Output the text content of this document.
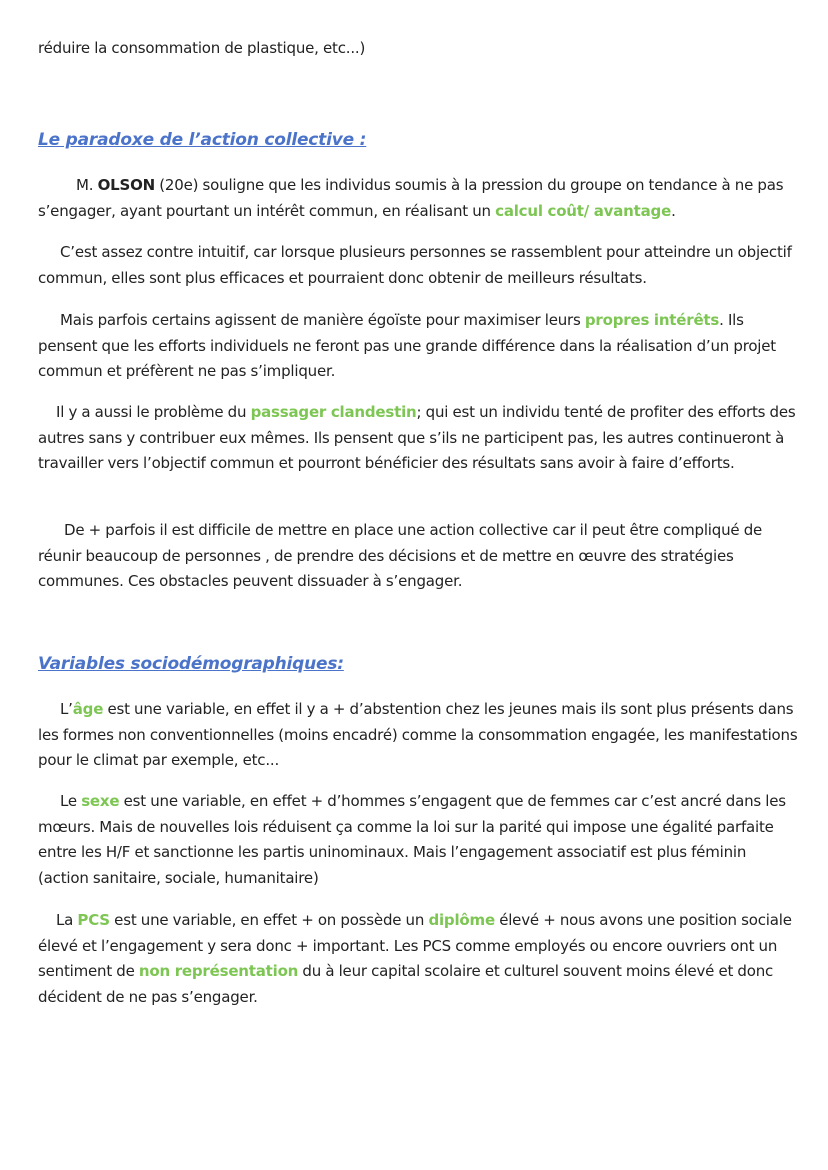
réduire la consommation de plastique, etc...)

Le paradoxe de l’action collective :

M. OLSON (20e) souligne que les individus soumis à la pression du groupe on tendance à ne pas s’engager, ayant pourtant un intérêt commun, en réalisant un calcul coût/ avantage.

C’est assez contre intuitif, car lorsque plusieurs personnes se rassemblent pour atteindre un objectif commun, elles sont plus efficaces et pourraient donc obtenir de meilleurs résultats.

Mais parfois certains agissent de manière égoïste pour maximiser leurs propres intérêts. Ils pensent que les efforts individuels ne feront pas une grande différence dans la réalisation d’un projet commun et préfèrent ne pas s’impliquer.

Il y a aussi le problème du passager clandestin; qui est un individu tenté de profiter des efforts des autres sans y contribuer eux mêmes. Ils pensent que s’ils ne participent pas, les autres continueront à travailler vers l’objectif commun et pourront bénéficier des résultats sans avoir à faire d’efforts.

De + parfois il est difficile de mettre en place une action collective car il peut être compliqué de réunir beaucoup de personnes , de prendre des décisions et de mettre en œuvre des stratégies communes. Ces obstacles peuvent dissuader à s’engager.

Variables sociodémographiques:

L’âge est une variable, en effet il y a + d’abstention chez les jeunes mais ils sont plus présents dans les formes non conventionnelles (moins encadré) comme la consommation engagée, les manifestations pour le climat par exemple, etc...

Le sexe est une variable, en effet + d’hommes s’engagent que de femmes car c’est ancré dans les mœurs. Mais de nouvelles lois réduisent ça comme la loi sur la parité qui impose une égalité parfaite entre les H/F et sanctionne les partis uninominaux. Mais l’engagement associatif est plus féminin (action sanitaire, sociale, humanitaire)

La PCS est une variable, en effet + on possède un diplôme élevé + nous avons une position sociale élevé et l’engagement y sera donc + important. Les PCS comme employés ou encore ouvriers ont un sentiment de non représentation du à leur capital scolaire et culturel souvent moins élevé et donc décident de ne pas s’engager.
